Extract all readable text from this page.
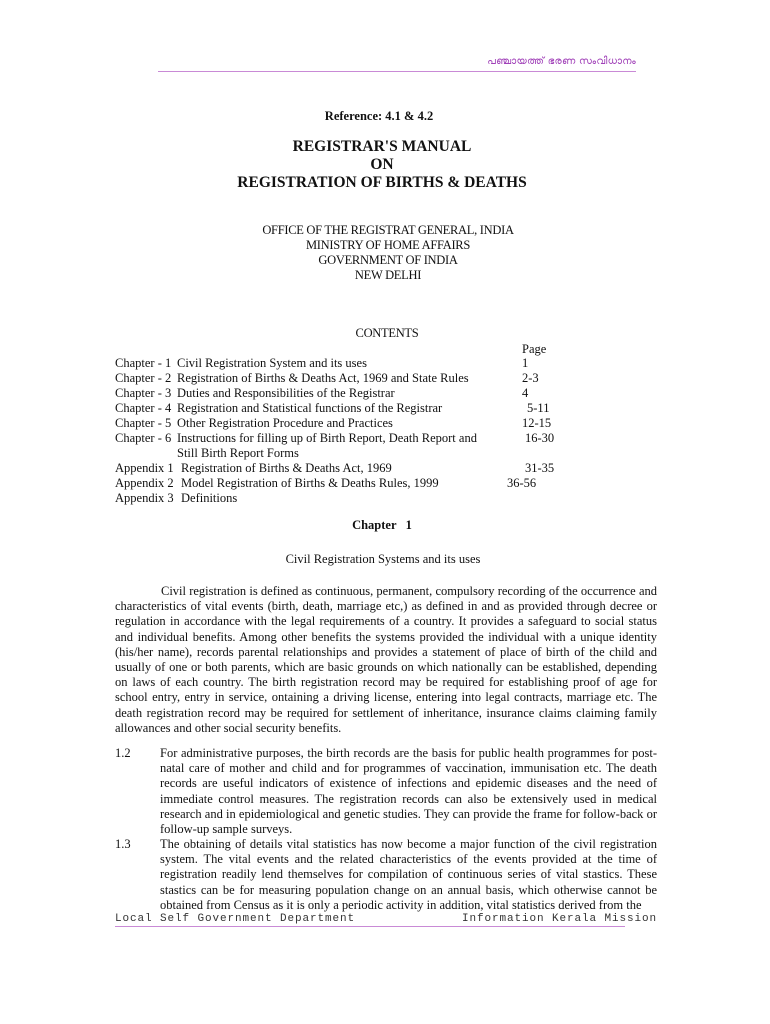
പഞ്ചായത്ത് ഭരണ സംവിധാനം
Reference: 4.1 & 4.2
REGISTRAR'S MANUAL
ON
REGISTRATION OF BIRTHS & DEATHS
OFFICE OF THE REGISTRAT GENERAL, INDIA
MINISTRY OF HOME AFFAIRS
GOVERNMENT OF INDIA
NEW DELHI
CONTENTS
Page
Chapter - 1 Civil Registration System and its uses	1
Chapter - 2 Registration of Births & Deaths Act, 1969 and State Rules	2-3
Chapter - 3 Duties and Responsibilities of the Registrar	4
Chapter - 4 Registration and Statistical functions of the Registrar	5-11
Chapter - 5 Other Registration Procedure and Practices	12-15
Chapter - 6 Instructions for filling up of Birth Report, Death Report and	16-30
Still Birth Report Forms
Appendix 1 Registration of Births & Deaths Act, 1969	31-35
Appendix 2 Model Registration of Births & Deaths Rules, 1999	36-56
Appendix 3 Definitions
Chapter   1
Civil Registration Systems and its uses
Civil registration is defined as continuous, permanent, compulsory recording of the occurrence and characteristics of vital events (birth, death, marriage etc,) as defined in and as provided through decree or regulation in accordance with the legal requirements of a country. It provides a safeguard to social status and individual benefits. Among other benefits the systems provided the individual with a unique identity (his/her name), records parental relationships and provides a statement of place of birth of the child and usually of one or both parents, which are basic grounds on which nationally can be established, depending on laws of each country. The birth registration record may be required for establishing proof of age for school entry, entry in service, ontaining a driving license, entering into legal contracts, marriage etc. The death registration record may be required for settlement of inheritance, insurance claims claiming family allowances and other social security benefits.
1.2 For administrative purposes, the birth records are the basis for public health programmes for post-natal care of mother and child and for programmes of vaccination, immunisation etc. The death records are useful indicators of existence of infections and epidemic diseases and the need of immediate control measures. The registration records can also be extensively used in medical research and in epidemiological and genetic studies. They can provide the frame for follow-back or follow-up sample surveys.
1.3 The obtaining of details vital statistics has now become a major function of the civil registration system. The vital events and the related characteristics of the events provided at the time of registration readily lend themselves for compilation of continuous series of vital stastics. These stastics can be for measuring population change on an annual basis, which otherwise cannot be obtained from Census as it is only a periodic activity in addition, vital statistics derived from the
Local Self Government Department	Information Kerala Mission
